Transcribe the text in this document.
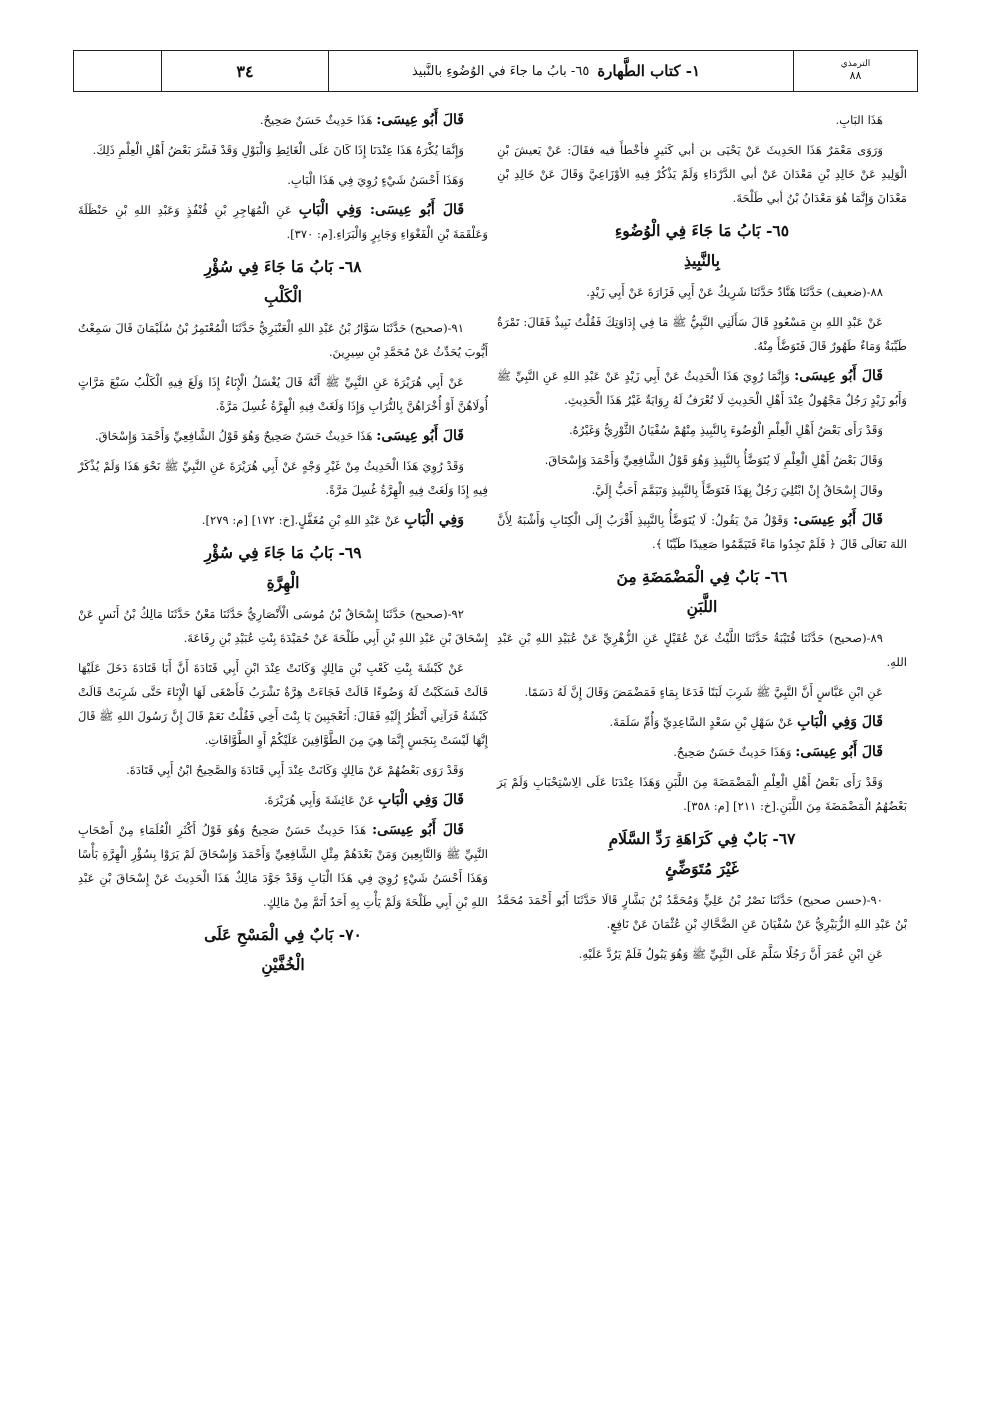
الترمذي
٨٨
١- كتاب الطَّهارة
٦٥- بابُ ما جاءَ في الوُضُوءِ بالنَّبيذ
٣٤

هَذَا البَابِ.

وَرَوَى مَعْمَرٌ هَذَا الحَدِيثَ عَنْ يَحْيَى بن أبي كَثيرٍ فأخْطأَ فيه فقَالَ: عَنْ يَعيشَ بْنِ الْوَلِيدِ عَنْ خَالِدِ بْنِ مَعْدَانَ عَنْ أبي الدَّرْدَاءِ وَلَمْ يَذْكُرْ فِيهِ الأوْزَاعِيَّ وَقَالَ عَنْ خَالِدِ بْنِ مَعْدَانَ وَإِنَّمَا هُوَ مَعْدَانُ بْنُ أبي طَلْحَةَ.

٦٥- بَابُ مَا جَاءَ فِي الْوُضُوءِ
بِالنَّبِيذِ

٨٨-(ضعيف) حَدَّثَنَا هَنَّادٌ حَدَّثَنَا شَرِيكٌ عَنْ أَبِي فَزَارَةَ عَنْ أَبِي زَيْدٍ.

عَنْ عَبْدِ اللهِ بنِ مَسْعُودٍ قَالَ سَأَلَنِي النَّبِيُّ ﷺ مَا فِي إِدَاوَتِكَ فَقُلْتُ نَبِيذٌ فَقَالَ: تَمْرَةٌ طَيِّبَةٌ وَمَاءٌ طَهُورٌ قَالَ فَتَوَضَّأَ مِنْهُ.

قَالَ أَبُو عِيسَى: وَإِنَّمَا رُوِيَ هَذَا الْحَدِيثُ عَنْ أَبِي زَيْدٍ عَنْ عَبْدِ اللهِ عَنِ النَّبِيِّ ﷺ وَأَبُو زَيْدٍ رَجُلٌ مَجْهُولٌ عِنْدَ أَهْلِ الْحَدِيثِ لَا تُعْرَفُ لَهُ رِوَايَةٌ غَيْرُ هَذَا الْحَدِيثِ.

وَقَدْ رَأَى بَعْضُ أَهْلِ الْعِلْمِ الْوُضُوءَ بِالنَّبِيذِ مِنْهُمْ سُفْيَانُ الثَّوْرِيُّ وَغَيْرُهُ.

وَقَالَ بَعْضُ أَهْلِ الْعِلْمِ لَا يُتَوَضَّأُ بِالنَّبِيذِ وَهُوَ قَوْلُ الشَّافِعِيِّ وَأَحْمَدَ وَإِسْحَاقَ.

وقَالَ إِسْحَاقُ إِنْ ابْتُلِيَ رَجُلٌ بِهَذَا فَتَوَضَّأَ بِالنَّبِيذِ وَتَيَمَّمَ أَحَبُّ إِلَيَّ.

قَالَ أَبُو عِيسَى: وَقَوْلُ مَنْ يَقُولُ: لَا يُتَوَضَّأُ بِالنَّبِيذِ أَقْرَبُ إِلَى الْكِتَابِ وَأَشْبَهُ لِأَنَّ اللهَ تَعَالَى قَالَ ﴿ فَلَمْ تَجِدُوا مَاءً فَتَيَمَّمُوا صَعِيدًا طَيِّبًا ﴾.

٦٦- بَابٌ فِي الْمَضْمَضَةِ مِنَ
اللَّبَنِ

٨٩-(صحيح) حَدَّثَنَا قُتَيْبَةُ حَدَّثَنَا اللَّيْثُ عَنْ عُقَيْلٍ عَنِ الزُّهْرِيِّ عَنْ عُبَيْدِ اللهِ بْنِ عَبْدِ اللهِ.

عَنِ ابْنِ عَبَّاسٍ أَنَّ النَّبِيَّ ﷺ شَرِبَ لَبَنًا فَدَعَا بِمَاءٍ فَمَضْمَضَ وَقَالَ إِنَّ لَهُ دَسَمًا.

قَالَ وَفِي الْبَابِ عَنْ سَهْلِ بْنِ سَعْدٍ السَّاعِدِيِّ وَأُمِّ سَلَمَةَ.

قَالَ أَبُو عِيسَى: وَهَذَا حَدِيثٌ حَسَنٌ صَحِيحٌ.

وَقَدْ رَأَى بَعْضُ أَهْلِ الْعِلْمِ الْمَضْمَضَةَ مِنَ اللَّبَنِ وَهَذَا عِنْدَنَا عَلَى الِاسْتِحْبَابِ وَلَمْ يَرَ بَعْضُهُمُ الْمَضْمَضَةَ مِنَ اللَّبَنِ.[خ: ٢١١] [م: ٣٥٨].

٦٧- بَابٌ فِي كَرَاهَةِ رَدِّ السَّلَامِ
غَيْرَ مُتَوَضِّئٍ

٩٠-(حسن صحيح) حَدَّثَنَا نَصْرُ بْنُ عَلِيٍّ وَمُحَمَّدُ بْنُ بَشَّارٍ قَالَا حَدَّثَنَا أَبُو أَحْمَدَ مُحَمَّدُ بْنُ عَبْدِ اللهِ الزُّبَيْرِيُّ عَنْ سُفْيَانَ عَنِ الضَّحَّاكِ بْنِ عُثْمَانَ عَنْ نَافِعٍ.

عَنِ ابْنِ عُمَرَ أَنَّ رَجُلًا سَلَّمَ عَلَى النَّبِيِّ ﷺ وَهُوَ يَبُولُ فَلَمْ يَرُدَّ عَلَيْهِ.

قَالَ أَبُو عِيسَى: هَذَا حَدِيثٌ حَسَنٌ صَحِيحٌ.

وَإِنَّمَا يُكْرَهُ هَذَا عِنْدَنَا إِذَا كَانَ عَلَى الْغَائِطِ وَالْبَوْلِ وَقَدْ فَسَّرَ بَعْضُ أَهْلِ الْعِلْمِ ذَلِكَ.

وَهَذَا أَحْسَنُ شَيْءٍ رُوِيَ فِي هَذَا الْبَابِ.

قَالَ أَبُو عِيسَى: وَفِي الْبَابِ عَنِ الْمُهَاجِرِ بْنِ قُنْفُذٍ وَعَبْدِ اللهِ بْنِ حَنْظَلَةَ وَعَلْقَمَةَ بْنِ الْفَغْوَاءِ وَجَابِرٍ وَالْبَرَاءِ.[م: ٣٧٠].

٦٨- بَابُ مَا جَاءَ فِي سُؤْرِ
الْكَلْبِ

٩١-(صحيح) حَدَّثَنَا سَوَّارُ بْنُ عَبْدِ اللهِ الْعَنْبَرِيُّ حَدَّثَنَا الْمُعْتَمِرُ بْنُ سُلَيْمَانَ قَالَ سَمِعْتُ أَيُّوبَ يُحَدِّثُ عَنْ مُحَمَّدِ بْنِ سِيرِينَ.

عَنْ أَبِي هُرَيْرَةَ عَنِ النَّبِيِّ ﷺ أَنَّهُ قَالَ يُغْسَلُ الْإِنَاءُ إِذَا وَلَغَ فِيهِ الْكَلْبُ سَبْعَ مَرَّاتٍ أُولَاهُنَّ أَوْ أُخْرَاهُنَّ بِالتُّرَابِ وَإِذَا وَلَغَتْ فِيهِ الْهِرَّةُ غُسِلَ مَرَّةً.

قَالَ أَبُو عِيسَى: هَذَا حَدِيثٌ حَسَنٌ صَحِيحٌ وَهُوَ قَوْلُ الشَّافِعِيِّ وَأَحْمَدَ وَإِسْحَاقَ.

وَقَدْ رُوِيَ هَذَا الْحَدِيثُ مِنْ غَيْرِ وَجْهٍ عَنْ أَبِي هُرَيْرَةَ عَنِ النَّبِيِّ ﷺ نَحْوَ هَذَا وَلَمْ يُذْكَرْ فِيهِ إِذَا وَلَغَتْ فِيهِ الْهِرَّةُ غُسِلَ مَرَّةً.

وَفِي الْبَابِ عَنْ عَبْدِ اللهِ بْنِ مُغَفَّلٍ.[خ: ١٧٢] [م: ٢٧٩].

٦٩- بَابُ مَا جَاءَ فِي سُؤْرِ
الْهِرَّةِ

٩٢-(صحيح) حَدَّثَنَا إِسْحَاقُ بْنُ مُوسَى الْأَنْصَارِيُّ حَدَّثَنَا مَعْنٌ حَدَّثَنَا مَالِكُ بْنُ أَنَسٍ عَنْ إِسْحَاقَ بْنِ عَبْدِ اللهِ بْنِ أَبِي طَلْحَةَ عَنْ حُمَيْدَةَ بِنْتِ عُبَيْدِ بْنِ رِفَاعَةَ.

عَنْ كَبْشَةَ بِنْتِ كَعْبِ بْنِ مَالِكٍ وَكَانَتْ عِنْدَ ابْنِ أَبِي قَتَادَةَ أَنَّ أَبَا قَتَادَةَ دَخَلَ عَلَيْهَا قَالَتْ فَسَكَبْتُ لَهُ وَضُوءًا قَالَتْ فَجَاءَتْ هِرَّةٌ تَشْرَبُ فَأَصْغَى لَهَا الْإِنَاءَ حَتَّى شَرِبَتْ قَالَتْ كَبْشَةُ فَرَآنِي أَنْظُرُ إِلَيْهِ فَقَالَ: أَتَعْجَبِينَ يَا بِنْتَ أَخِي فَقُلْتُ نَعَمْ قَالَ إِنَّ رَسُولَ اللهِ ﷺ قَالَ إِنَّهَا لَيْسَتْ بِنَجَسٍ إِنَّمَا هِيَ مِنَ الطَّوَّافِينَ عَلَيْكُمْ أَوِ الطَّوَّافَاتِ.

وَقَدْ رَوَى بَعْضُهُمْ عَنْ مَالِكٍ وَكَانَتْ عِنْدَ أَبِي قَتَادَةَ وَالصَّحِيحُ ابْنُ أَبِي قَتَادَةَ.

قَالَ وَفِي الْبَابِ عَنْ عَائِشَةَ وَأَبِي هُرَيْرَةَ.

قَالَ أَبُو عِيسَى: هَذَا حَدِيثٌ حَسَنٌ صَحِيحٌ وَهُوَ قَوْلُ أَكْثَرِ الْعُلَمَاءِ مِنْ أَصْحَابِ النَّبِيِّ ﷺ وَالتَّابِعِينَ وَمَنْ بَعْدَهُمْ مِثْلِ الشَّافِعِيِّ وَأَحْمَدَ وَإِسْحَاقَ لَمْ يَرَوْا بِسُؤْرِ الْهِرَّةِ بَأْسًا وَهَذَا أَحْسَنُ شَيْءٍ رُوِيَ فِي هَذَا الْبَابِ وَقَدْ جَوَّدَ مَالِكٌ هَذَا الْحَدِيثَ عَنْ إِسْحَاقَ بْنِ عَبْدِ اللهِ بْنِ أَبِي طَلْحَةَ وَلَمْ يَأْتِ بِهِ أَحَدٌ أَتَمَّ مِنْ مَالِكٍ.

٧٠- بَابٌ فِي الْمَسْحِ عَلَى
الْخُفَّيْنِ
